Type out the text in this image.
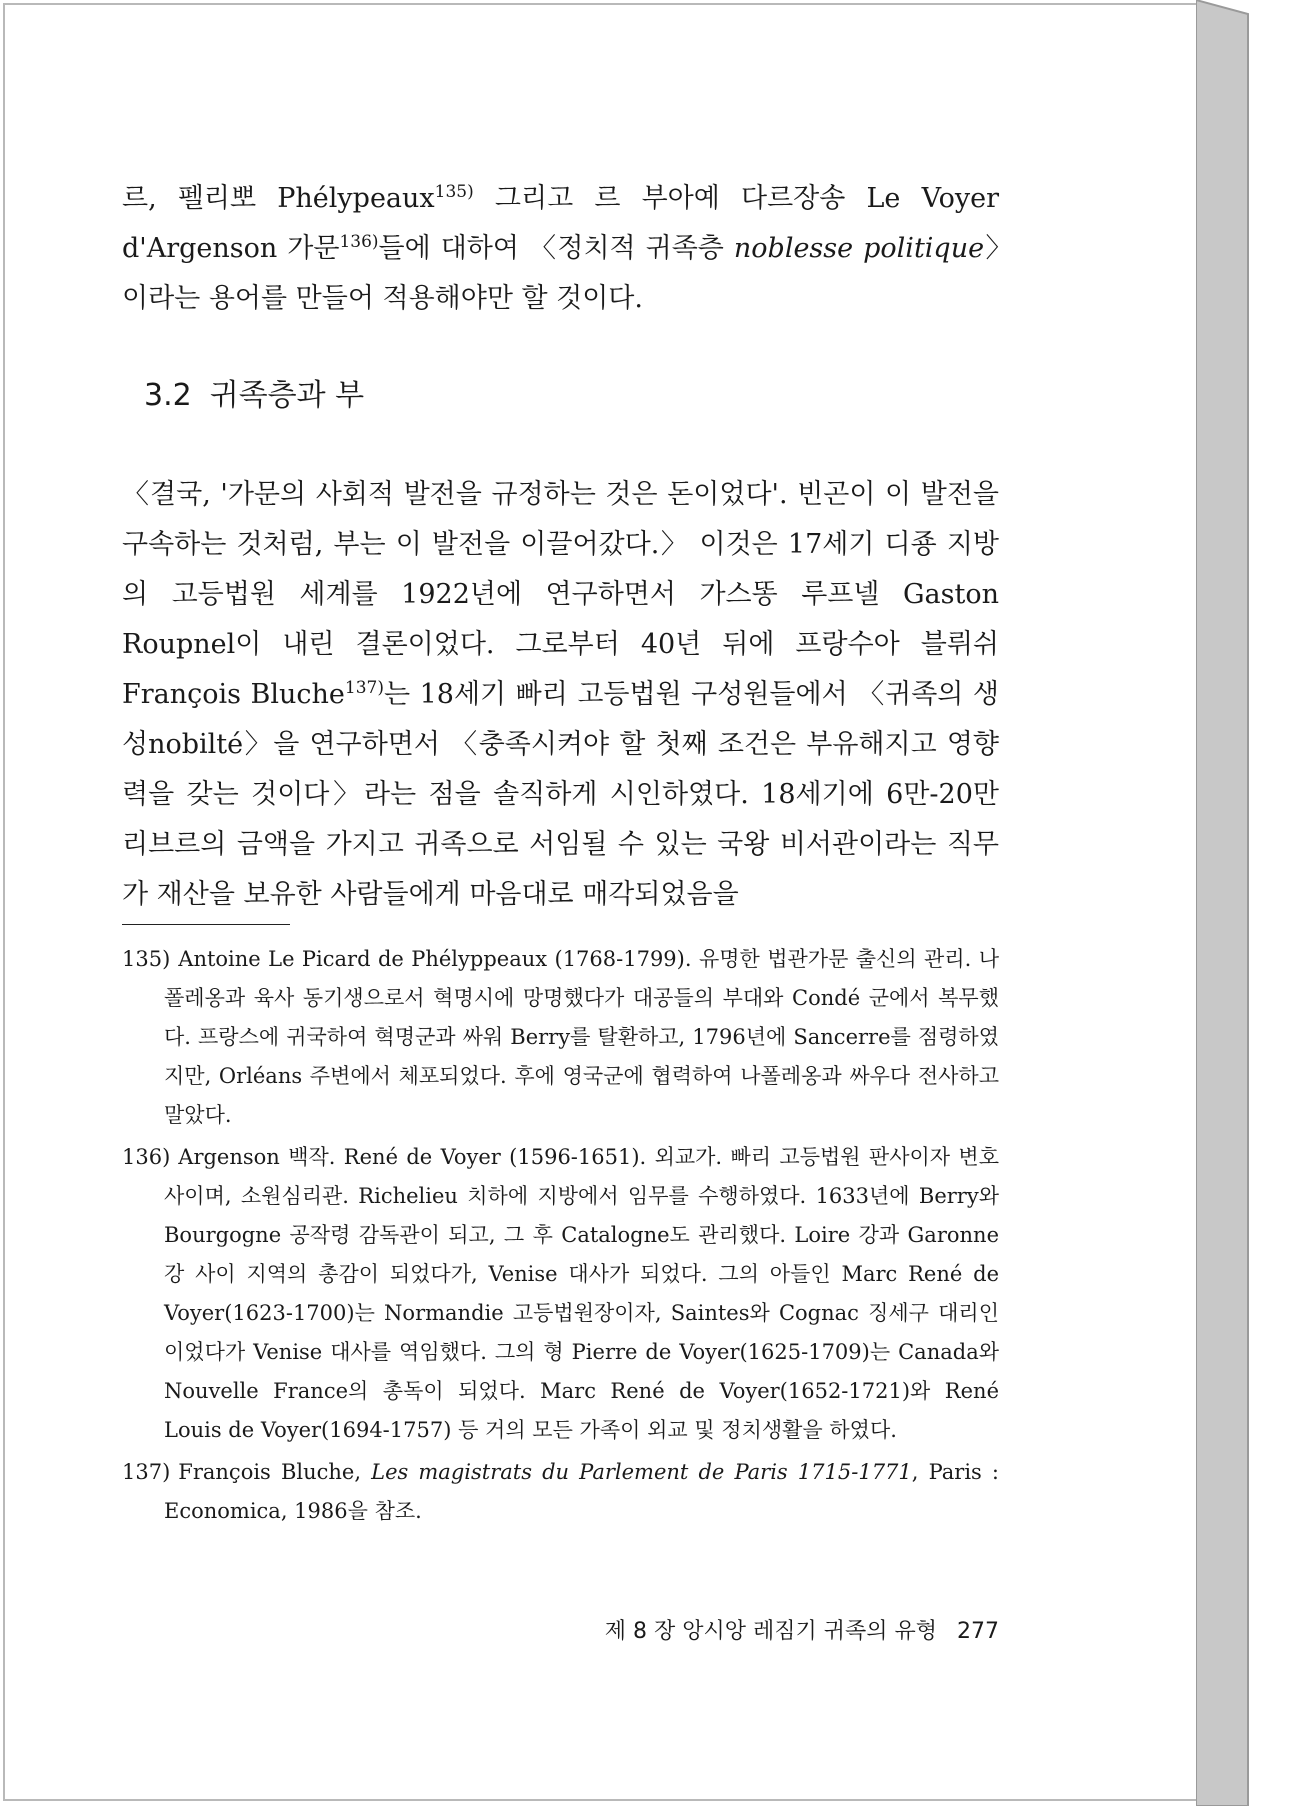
르, 펠리뽀 Phélypeaux$^{135)}$ 그리고 르 부아예 다르장송 Le Voyer d'Argenson 가문$^{136)}$들에 대하여 〈정치적 귀족층 noblesse politique〉이라는 용어를 만들어 적용해야만 할 것이다.

3.2 귀족층과 부

〈결국, '가문의 사회적 발전을 규정하는 것은 돈이었다'. 빈곤이 이 발전을 구속하는 것처럼, 부는 이 발전을 이끌어갔다.〉 이것은 17세기 디죵 지방의 고등법원 세계를 1922년에 연구하면서 가스똥 루프넬 Gaston Roupnel이 내린 결론이었다. 그로부터 40년 뒤에 프랑수아 블뤼쉬 François Bluche$^{137)}$는 18세기 빠리 고등법원 구성원들에서 〈귀족의 생성nobilté〉을 연구하면서 〈충족시켜야 할 첫째 조건은 부유해지고 영향력을 갖는 것이다〉라는 점을 솔직하게 시인하였다. 18세기에 6만-20만 리브르의 금액을 가지고 귀족으로 서임될 수 있는 국왕 비서관이라는 직무가 재산을 보유한 사람들에게 마음대로 매각되었음을

135) Antoine Le Picard de Phélyppeaux (1768-1799). 유명한 법관가문 출신의 관리. 나폴레옹과 육사 동기생으로서 혁명시에 망명했다가 대공들의 부대와 Condé 군에서 복무했다. 프랑스에 귀국하여 혁명군과 싸워 Berry를 탈환하고, 1796년에 Sancerre를 점령하였지만, Orléans 주변에서 체포되었다. 후에 영국군에 협력하여 나폴레옹과 싸우다 전사하고 말았다.

136) Argenson 백작. René de Voyer (1596-1651). 외교가. 빠리 고등법원 판사이자 변호사이며, 소원심리관. Richelieu 치하에 지방에서 임무를 수행하였다. 1633년에 Berry와 Bourgogne 공작령 감독관이 되고, 그 후 Catalogne도 관리했다. Loire 강과 Garonne 강 사이 지역의 총감이 되었다가, Venise 대사가 되었다. 그의 아들인 Marc René de Voyer(1623-1700)는 Normandie 고등법원장이자, Saintes와 Cognac 징세구 대리인이었다가 Venise 대사를 역임했다. 그의 형 Pierre de Voyer(1625-1709)는 Canada와 Nouvelle France의 총독이 되었다. Marc René de Voyer(1652-1721)와 René Louis de Voyer(1694-1757) 등 거의 모든 가족이 외교 및 정치생활을 하였다.

137) François Bluche, Les magistrats du Parlement de Paris 1715-1771, Paris : Economica, 1986을 참조.

제 8 장 앙시앙 레짐기 귀족의 유형 277
